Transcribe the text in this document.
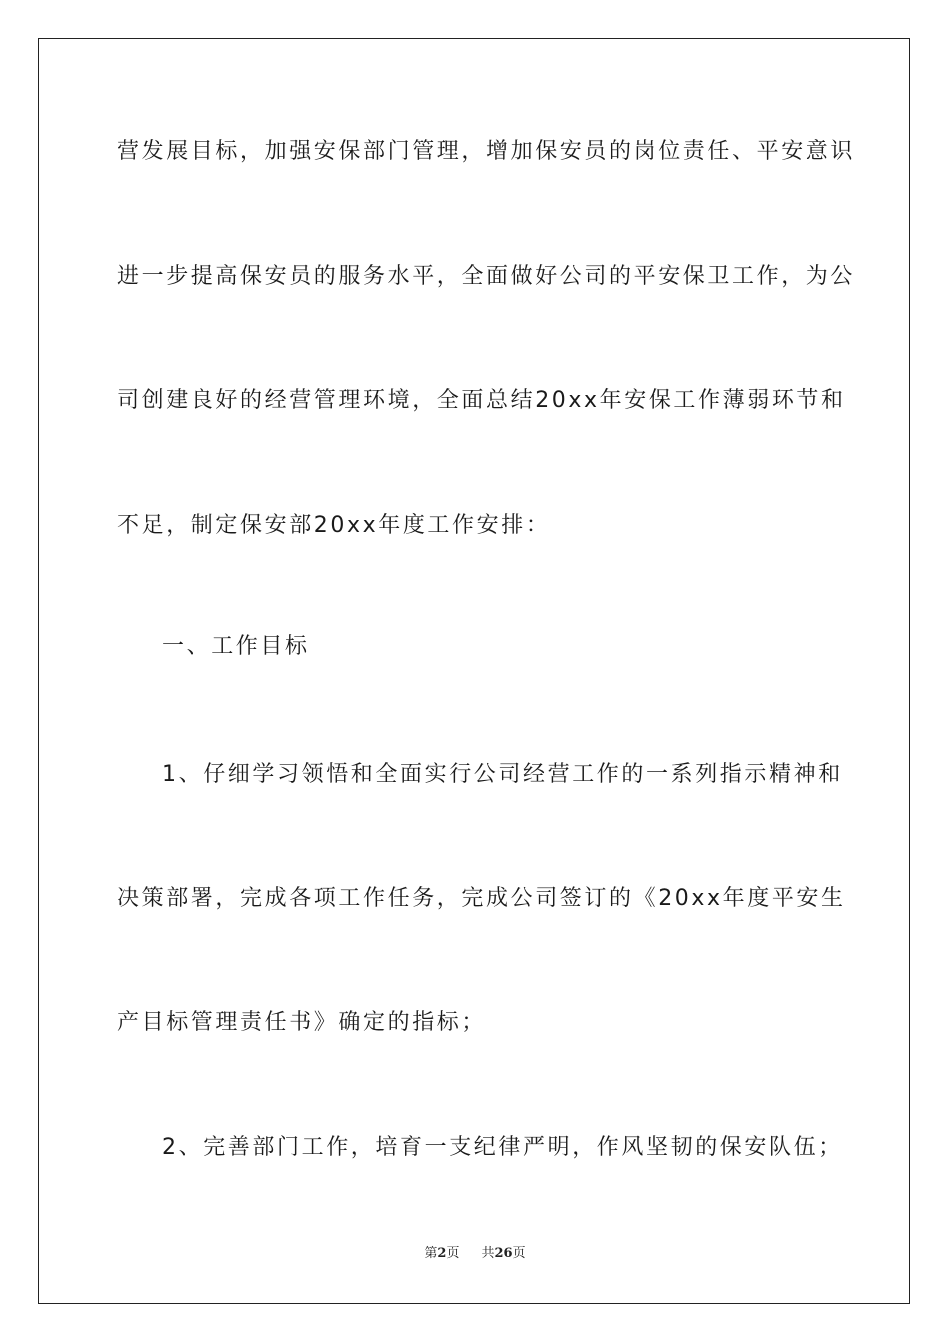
营发展目标，加强安保部门管理，增加保安员的岗位责任、平安意识
进一步提高保安员的服务水平，全面做好公司的平安保卫工作，为公
司创建良好的经营管理环境，全面总结20xx年安保工作薄弱环节和
不足，制定保安部20xx年度工作安排：
一、工作目标
1、仔细学习领悟和全面实行公司经营工作的一系列指示精神和
决策部署，完成各项工作任务，完成公司签订的《20xx年度平安生
产目标管理责任书》确定的指标；
2、完善部门工作，培育一支纪律严明，作风坚韧的保安队伍；
第2页 共26页
